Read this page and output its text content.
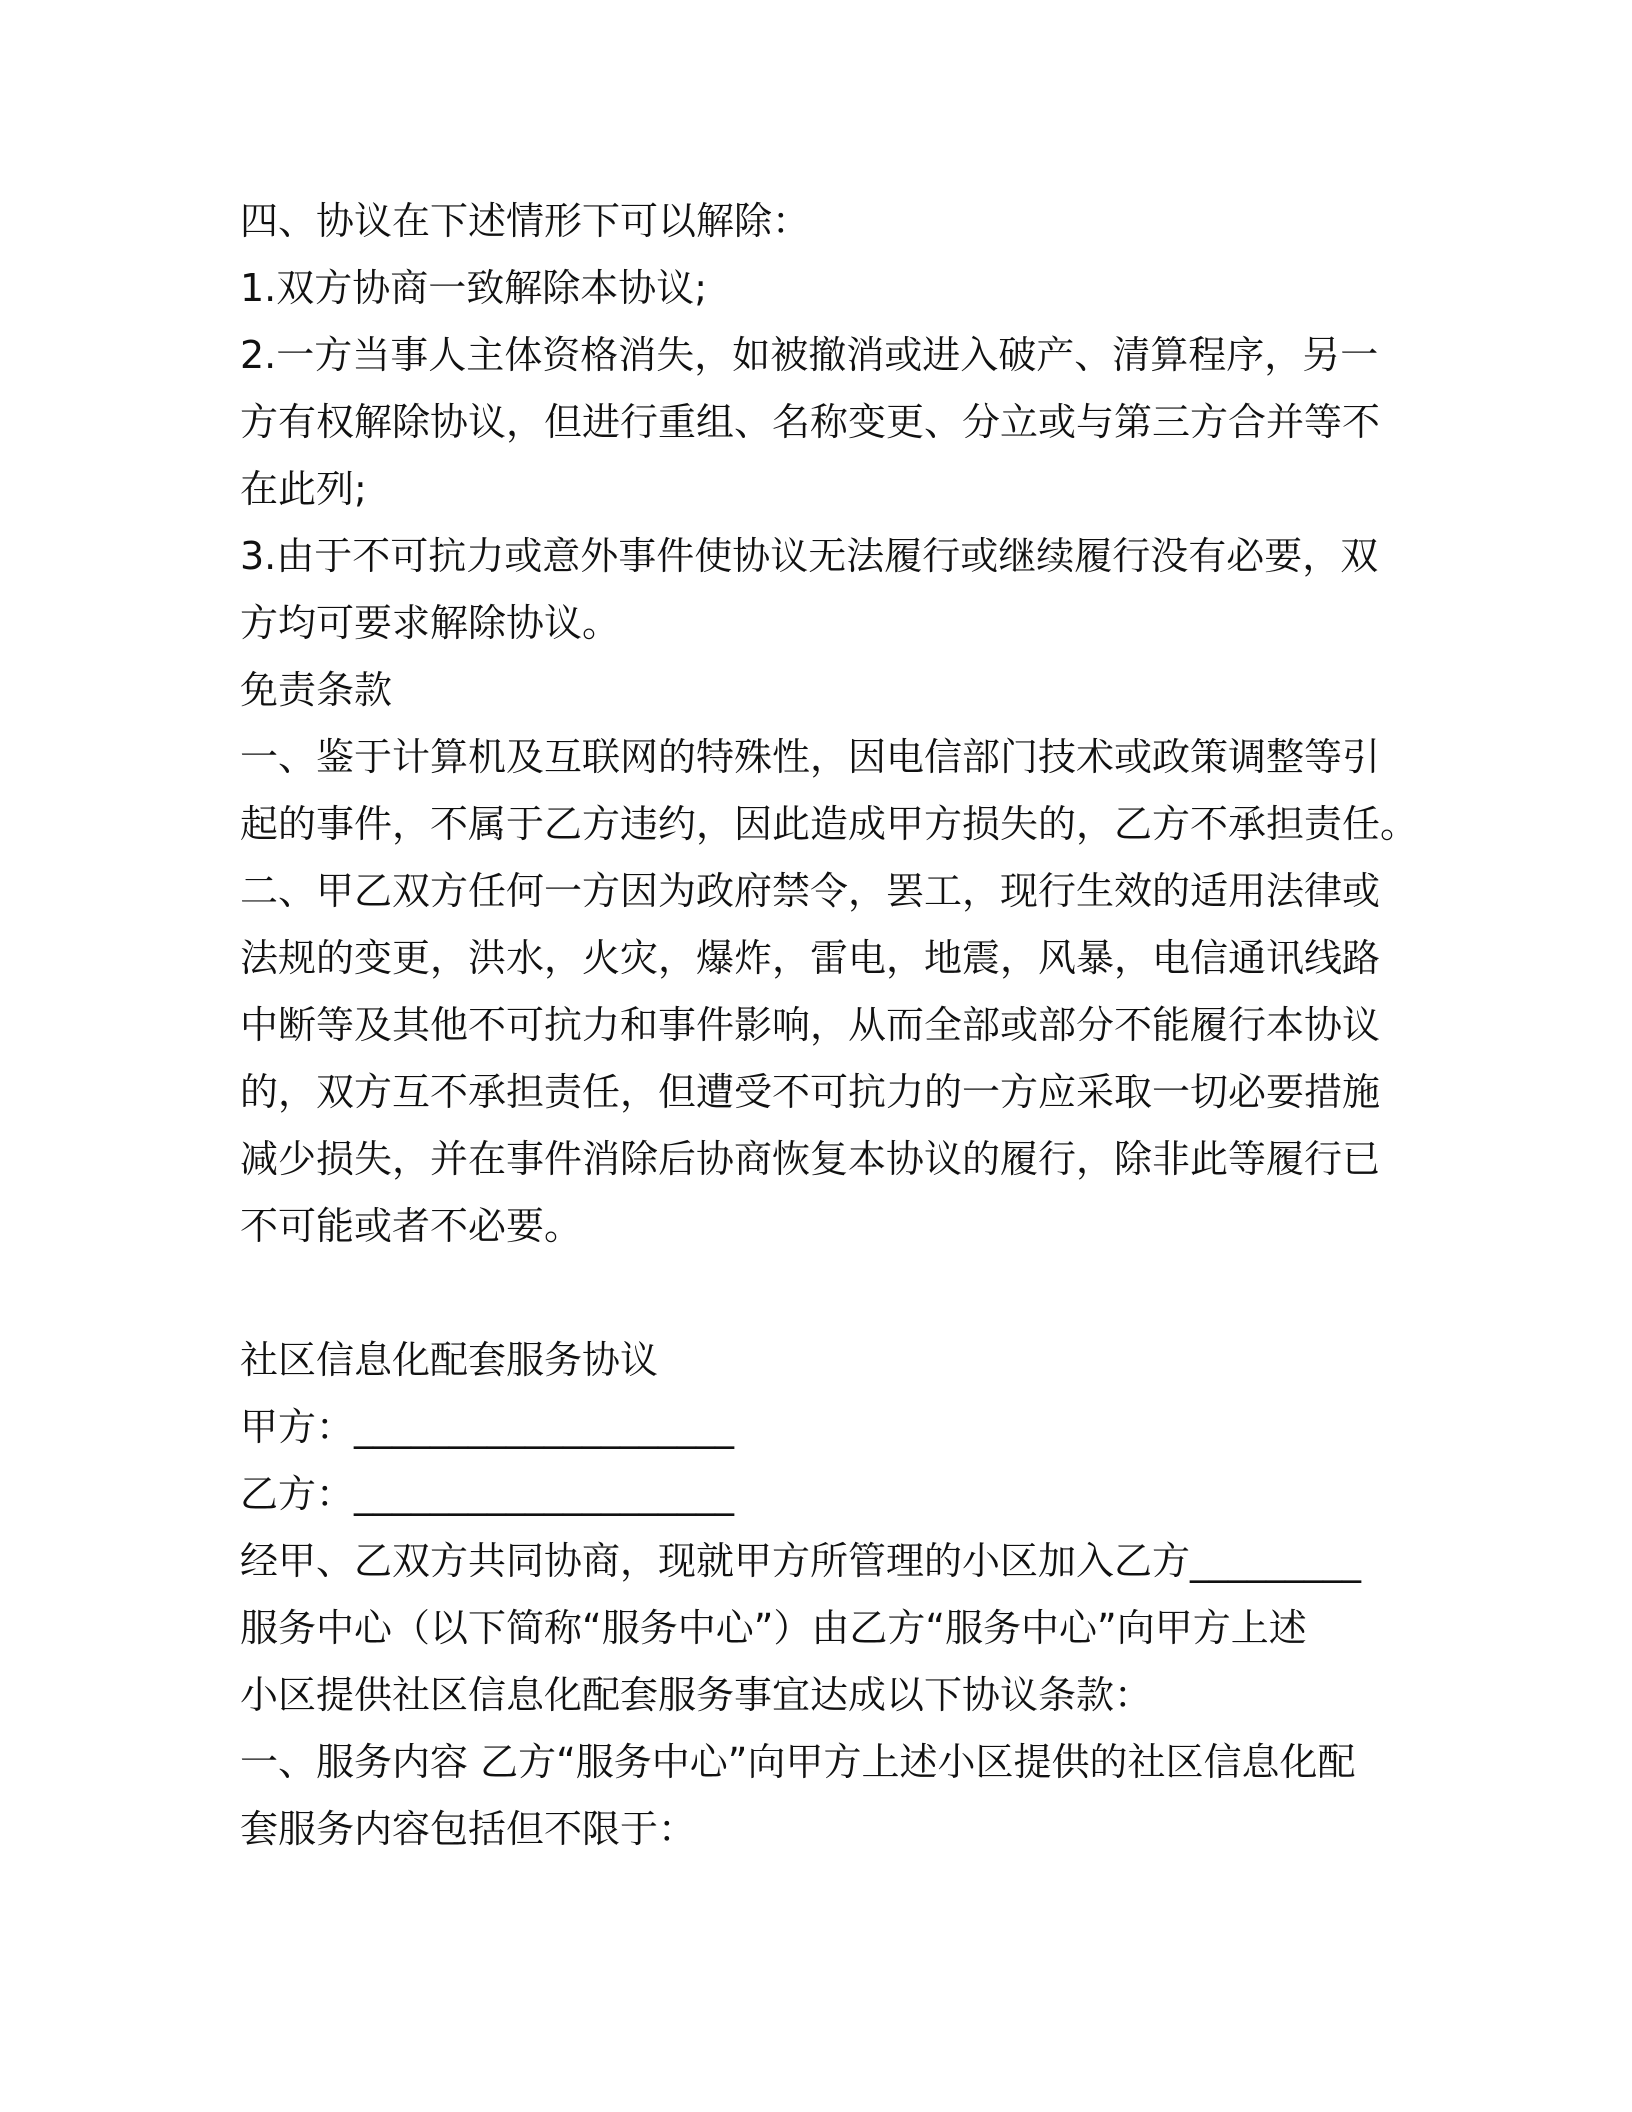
四、协议在下述情形下可以解除：

1.双方协商一致解除本协议;

2.一方当事人主体资格消失，如被撤消或进入破产、清算程序，另一

方有权解除协议，但进行重组、名称变更、分立或与第三方合并等不

在此列;

3.由于不可抗力或意外事件使协议无法履行或继续履行没有必要，双

方均可要求解除协议。

免责条款

一、鉴于计算机及互联网的特殊性，因电信部门技术或政策调整等引

起的事件，不属于乙方违约，因此造成甲方损失的，乙方不承担责任。

二、甲乙双方任何一方因为政府禁令，罢工，现行生效的适用法律或

法规的变更，洪水，火灾，爆炸，雷电，地震，风暴，电信通讯线路

中断等及其他不可抗力和事件影响，从而全部或部分不能履行本协议

的，双方互不承担责任，但遭受不可抗力的一方应采取一切必要措施

减少损失，并在事件消除后协商恢复本协议的履行，除非此等履行已

不可能或者不必要。

社区信息化配套服务协议

甲方：____________________

乙方：____________________

经甲、乙双方共同协商，现就甲方所管理的小区加入乙方_________

服务中心（以下简称“服务中心”）由乙方“服务中心”向甲方上述

小区提供社区信息化配套服务事宜达成以下协议条款：

一、服务内容 乙方“服务中心”向甲方上述小区提供的社区信息化配

套服务内容包括但不限于：
